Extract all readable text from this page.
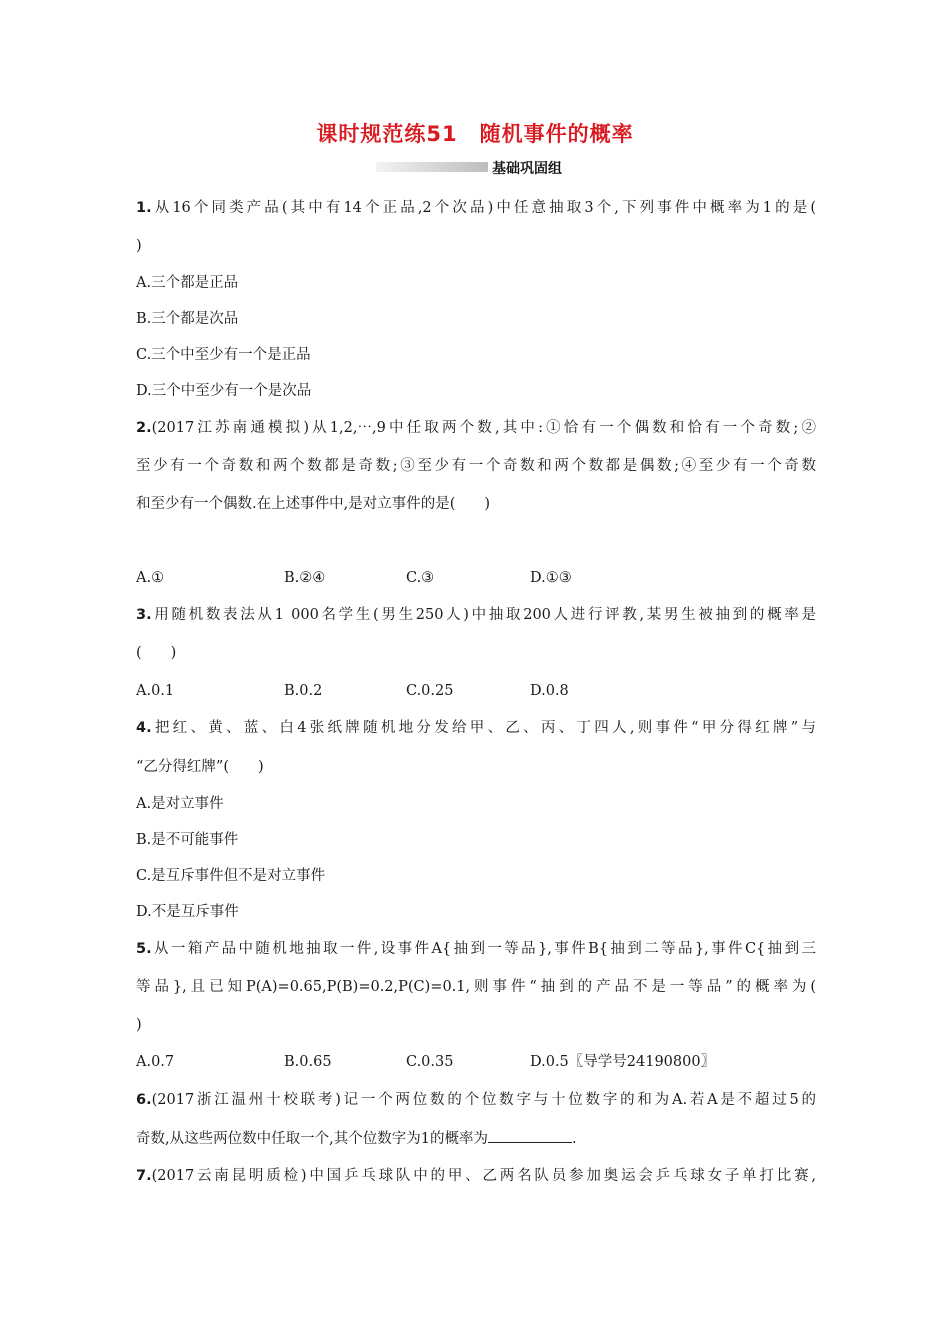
课时规范练51　随机事件的概率
基础巩固组
1.从16个同类产品(其中有14个正品,2个次品)中任意抽取3个,下列事件中概率为1的是(
)
A.三个都是正品
B.三个都是次品
C.三个中至少有一个是正品
D.三个中至少有一个是次品
2.(2017江苏南通模拟)从1,2,⋯,9中任取两个数,其中:①恰有一个偶数和恰有一个奇数;②
至少有一个奇数和两个数都是奇数;③至少有一个奇数和两个数都是偶数;④至少有一个奇数
和至少有一个偶数.在上述事件中,是对立事件的是(　　)
A.①	B.②④	C.③	D.①③
3.用随机数表法从1 000名学生(男生250人)中抽取200人进行评教,某男生被抽到的概率是
(　　)
A.0.1	B.0.2	C.0.25	D.0.8
4.把红、黄、蓝、白4张纸牌随机地分发给甲、乙、丙、丁四人,则事件“甲分得红牌”与
“乙分得红牌”(　　)
A.是对立事件
B.是不可能事件
C.是互斥事件但不是对立事件
D.不是互斥事件
5.从一箱产品中随机地抽取一件,设事件A{抽到一等品},事件B{抽到二等品},事件C{抽到三
等品},且已知P(A)=0.65,P(B)=0.2,P(C)=0.1,则事件“抽到的产品不是一等品”的概率为(
)
A.0.7	B.0.65	C.0.35	D.0.5〖导学号24190800〗
6.(2017浙江温州十校联考)记一个两位数的个位数字与十位数字的和为A.若A是不超过5的
奇数,从这些两位数中任取一个,其个位数字为1的概率为	.
7.(2017云南昆明质检)中国乒乓球队中的甲、乙两名队员参加奥运会乒乓球女子单打比赛,
